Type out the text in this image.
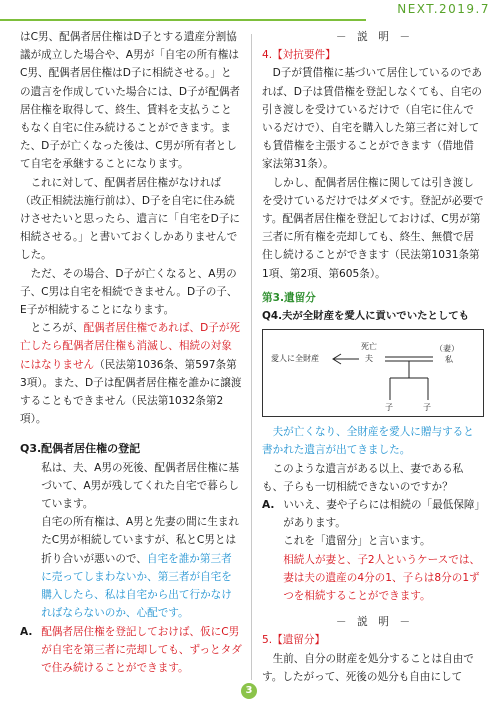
NEXT.2019.7

はC男、配偶者居住権はD子とする遺産分割協議が成立した場合や、A男が「自宅の所有権はC男、配偶者居住権はD子に相続させる。」との遺言を作成していた場合には、D子が配偶者居住権を取得して、終生、賃料を支払うこともなく自宅に住み続けることができます。また、D子が亡くなった後は、C男が所有者として自宅を承継することになります。

これに対して、配偶者居住権がなければ（改正相続法施行前は）、D子を自宅に住み続けさせたいと思ったら、遺言に「自宅をD子に相続させる。」と書いておくしかありませんでした。

ただ、その場合、D子が亡くなると、A男の子、C男は自宅を相続できません。D子の子、E子が相続することになります。

ところが、配偶者居住権であれば、D子が死亡したら配偶者居住権も消滅し、相続の対象にはなりません（民法第1036条、第597条第3項）。また、D子は配偶者居住権を誰かに譲渡することもできません（民法第1032条第2項）。

Q3.配偶者居住権の登記

私は、夫、A男の死後、配偶者居住権に基づいて、A男が残してくれた自宅で暮らしています。

自宅の所有権は、A男と先妻の間に生まれたC男が相続していますが、私とC男とは折り合いが悪いので、自宅を誰か第三者に売ってしまわないか、第三者が自宅を購入したら、私は自宅から出て行かなければならないのか、心配です。

A. 配偶者居住権を登記しておけば、仮にC男が自宅を第三者に売却しても、ずっとタダで住み続けることができます。

－　説　明　－

4.【対抗要件】

D子が賃借権に基づいて居住しているのであれば、D子は賃借権を登記しなくても、自宅の引き渡しを受けているだけで（自宅に住んでいるだけで）、自宅を購入した第三者に対しても賃借権を主張することができます（借地借家法第31条）。

しかし、配偶者居住権に関しては引き渡しを受けているだけではダメです。登記が必要です。配偶者居住権を登記しておけば、C男が第三者に所有権を売却しても、終生、無償で居住し続けることができます（民法第1031条第1項、第2項、第605条）。

第3.遺留分

Q4.夫が全財産を愛人に貢いでいたとしても

愛人に全財産
死亡
夫
（妻）
私
子	子

夫が亡くなり、全財産を愛人に贈与すると書かれた遺言が出てきました。

このような遺言がある以上、妻である私も、子らも一切相続できないのですか？

A. いいえ、妻や子らには相続の「最低保障」があります。

これを「遺留分」と言います。

相続人が妻と、子2人というケースでは、妻は夫の遺産の4分の1、子らは8分の1ずつを相続することができます。

－　説　明　－

5.【遺留分】

生前、自分の財産を処分することは自由です。したがって、死後の処分も自由にして

3
